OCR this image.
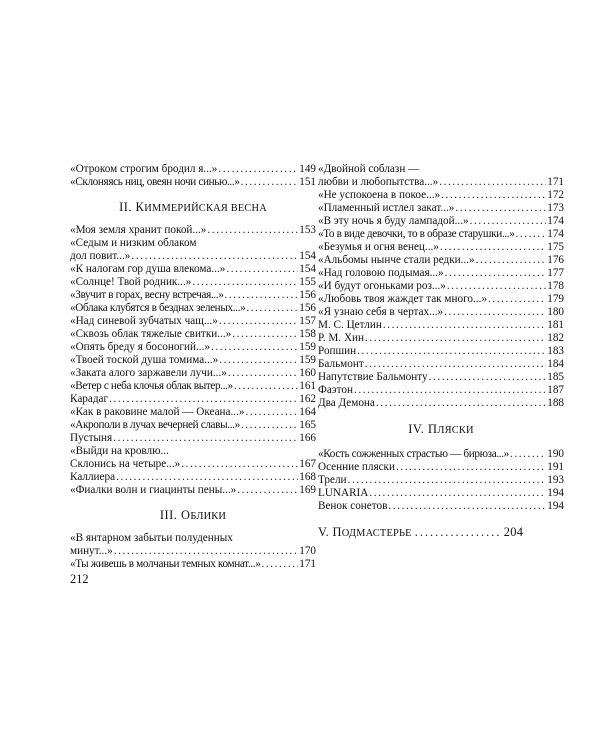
«Отроком строгим бродил я...» .....	149
«Склоняясь ниц, овеян ночи синью...» .....	151
II. КИММЕРИЙСКАЯ ВЕСНА
«Моя земля хранит покой...» .....	153
«Седым и низким облаком
дол повит...» .....	154
«К налогам гор душа влекома...» .....	154
«Солнце! Твой родник...» .....	155
«Звучит в горах, весну встречая...» .....	156
«Облака клубятся в безднах зеленых...» .....	156
«Над синевой зубчатых чащ...» .....	157
«Сквозь облак тяжелые свитки...» .....	158
«Опять бреду я босоногий...» .....	159
«Твоей тоской душа томима...» .....	159
«Заката алого заржавели лучи...» .....	160
«Ветер с неба клочья облак вытер...» .....	161
Карадаг .....	162
«Как в раковине малой — Океана...» .....	164
«Акрополи в лучах вечерней славы...» .....	165
Пустыня .....	166
«Выйди на кровлю...
Склонись на четыре...» .....	167
Каллиера .....	168
«Фиалки волн и гиацинты пены...» .....	169
III. ОБЛИКИ
«В янтарном забытьи полуденных
минут...» .....	170
«Ты живешь в молчаньи темных комнат...» .....	171
«Двойной соблазн —
любви и любопытства...» .....	171
«Не успокоена в покое...» .....	172
«Пламенный истлел закат...» .....	173
«В эту ночь я буду лампадой...» .....	174
«То в виде девочки, то в образе старушки...» .....	174
«Безумья и огня венец...» .....	175
«Альбомы нынче стали редки...» .....	176
«Над головою подымая...» .....	177
«И будут огоньками роз...» .....	178
«Любовь твоя жаждет так много...» .....	179
«Я узнаю себя в чертах...» .....	180
М. С. Цетлин .....	181
Р. М. Хин .....	182
Ропшин .....	183
Бальмонт .....	184
Напутствие Бальмонту .....	185
Фаэтон .....	187
Два Демона .....	188
IV. ПЛЯСКИ
«Кость сожженных страстью — бирюза...» .....	190
Осенние пляски .....	191
Трели .....	193
LUNARIA .....	194
Венок сонетов .....	194
V. ПОДМАСТЕРЬЕ .....	204
212
